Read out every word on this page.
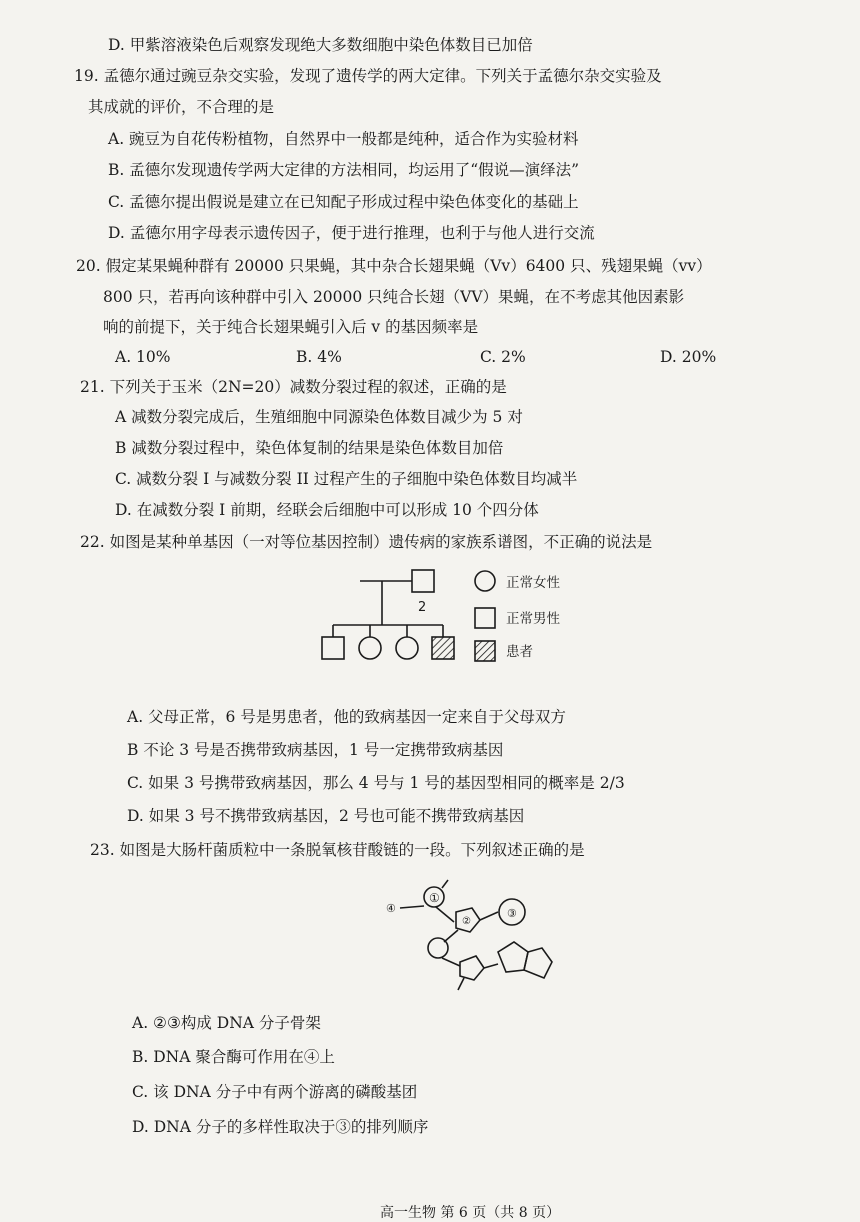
D. 甲紫溶液染色后观察发现绝大多数细胞中染色体数目已加倍
19. 孟德尔通过豌豆杂交实验，发现了遗传学的两大定律。下列关于孟德尔杂交实验及
其成就的评价，不合理的是
A. 豌豆为自花传粉植物，自然界中一般都是纯种，适合作为实验材料
B. 孟德尔发现遗传学两大定律的方法相同，均运用了“假说—演绎法”
C. 孟德尔提出假说是建立在已知配子形成过程中染色体变化的基础上
D. 孟德尔用字母表示遗传因子，便于进行推理，也利于与他人进行交流
20. 假定某果蝇种群有 20000 只果蝇，其中杂合长翅果蝇（Vv）6400 只、残翅果蝇（vv）
800 只，若再向该种群中引入 20000 只纯合长翅（VV）果蝇，在不考虑其他因素影
响的前提下，关于纯合长翅果蝇引入后 v 的基因频率是
A. 10%	B. 4%	C. 2%	D. 20%
21. 下列关于玉米（2N=20）减数分裂过程的叙述，正确的是
A 减数分裂完成后，生殖细胞中同源染色体数目减少为 5 对
B 减数分裂过程中，染色体复制的结果是染色体数目加倍
C. 减数分裂 I 与减数分裂 II 过程产生的子细胞中染色体数目均减半
D. 在减数分裂 I 前期，经联会后细胞中可以形成 10 个四分体
22. 如图是某种单基因（一对等位基因控制）遗传病的家族系谱图，不正确的说法是
2
正常女性
正常男性
患者
A. 父母正常，6 号是男患者，他的致病基因一定来自于父母双方
B 不论 3 号是否携带致病基因，1 号一定携带致病基因
C. 如果 3 号携带致病基因，那么 4 号与 1 号的基因型相同的概率是 2/3
D. 如果 3 号不携带致病基因，2 号也可能不携带致病基因
23. 如图是大肠杆菌质粒中一条脱氧核苷酸链的一段。下列叙述正确的是
④
①
②
③
A. ②③构成 DNA 分子骨架
B. DNA 聚合酶可作用在④上
C. 该 DNA 分子中有两个游离的磷酸基团
D. DNA 分子的多样性取决于③的排列顺序
高一生物 第 6 页（共 8 页）
